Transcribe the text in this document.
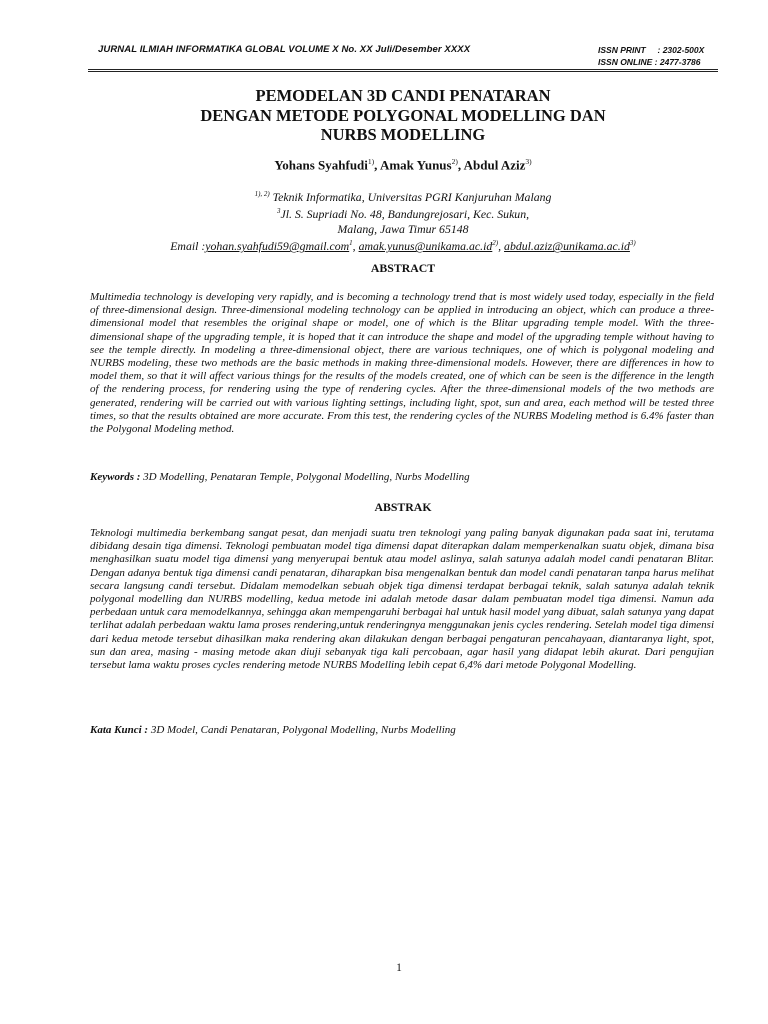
JURNAL ILMIAH INFORMATIKA GLOBAL VOLUME X No. XX Juli/Desember XXXX	ISSN PRINT     : 2302-500X
ISSN ONLINE : 2477-3786
PEMODELAN 3D CANDI PENATARAN
DENGAN METODE POLYGONAL MODELLING DAN
NURBS MODELLING
Yohans Syahfudi$^{1)}$, Amak Yunus$^{2)}$, Abdul Aziz$^{3)}$
$^{1), 2)}$ Teknik Informatika, Universitas PGRI Kanjuruhan Malang
$^3$Jl. S. Supriadi No. 48, Bandungrejosari, Kec. Sukun,
Malang, Jawa Timur 65148
Email :yohan.syahfudi59@gmail.com$^1$, $amak.yunus@unikama.ac.id^{2)}$, $abdul.aziz@unikama.ac.id^{3)}$
ABSTRACT
Multimedia technology is developing very rapidly, and is becoming a technology trend that is most widely used today, especially in the field of three-dimensional design. Three-dimensional modeling technology can be applied in introducing an object, which can produce a three-dimensional model that resembles the original shape or model, one of which is the Blitar upgrading temple model. With the three-dimensional shape of the upgrading temple, it is hoped that it can introduce the shape and model of the upgrading temple without having to see the temple directly. In modeling a three-dimensional object, there are various techniques, one of which is polygonal modeling and NURBS modeling, these two methods are the basic methods in making three-dimensional models. However, there are differences in how to model them, so that it will affect various things for the results of the models created, one of which can be seen is the difference in the length of the rendering process, for rendering using the type of rendering cycles. After the three-dimensional models of the two methods are generated, rendering will be carried out with various lighting settings, including light, spot, sun and area, each method will be tested three times, so that the results obtained are more accurate. From this test, the rendering cycles of the NURBS Modeling method is 6.4% faster than the Polygonal Modeling method.
Keywords : 3D Modelling, Penataran Temple, Polygonal Modelling, Nurbs Modelling
ABSTRAK
Teknologi multimedia berkembang sangat pesat, dan menjadi suatu tren teknologi yang paling banyak digunakan pada saat ini, terutama dibidang desain tiga dimensi. Teknologi pembuatan model tiga dimensi dapat diterapkan dalam memperkenalkan suatu objek, dimana bisa menghasilkan suatu model tiga dimensi yang menyerupai bentuk atau model aslinya, salah satunya adalah model candi penataran Blitar. Dengan adanya bentuk tiga dimensi candi penataran, diharapkan bisa mengenalkan bentuk dan model candi penataran tanpa harus melihat secara langsung candi tersebut. Didalam memodelkan sebuah objek tiga dimensi terdapat berbagai teknik, salah satunya adalah teknik polygonal modelling dan NURBS modelling, kedua metode ini adalah metode dasar dalam pembuatan model tiga dimensi. Namun ada perbedaan untuk cara memodelkannya, sehingga akan mempengaruhi berbagai hal untuk hasil model yang dibuat, salah satunya yang dapat terlihat adalah perbedaan waktu lama proses rendering,untuk renderingnya menggunakan jenis cycles rendering. Setelah model tiga dimensi dari kedua metode tersebut dihasilkan maka rendering akan dilakukan dengan berbagai pengaturan pencahayaan, diantaranya light, spot, sun dan area, masing - masing metode akan diuji sebanyak tiga kali percobaan, agar hasil yang didapat lebih akurat. Dari pengujian tersebut lama waktu proses cycles rendering metode NURBS Modelling lebih cepat 6,4% dari metode Polygonal Modelling.
Kata Kunci : 3D Model, Candi Penataran, Polygonal Modelling, Nurbs Modelling
1
